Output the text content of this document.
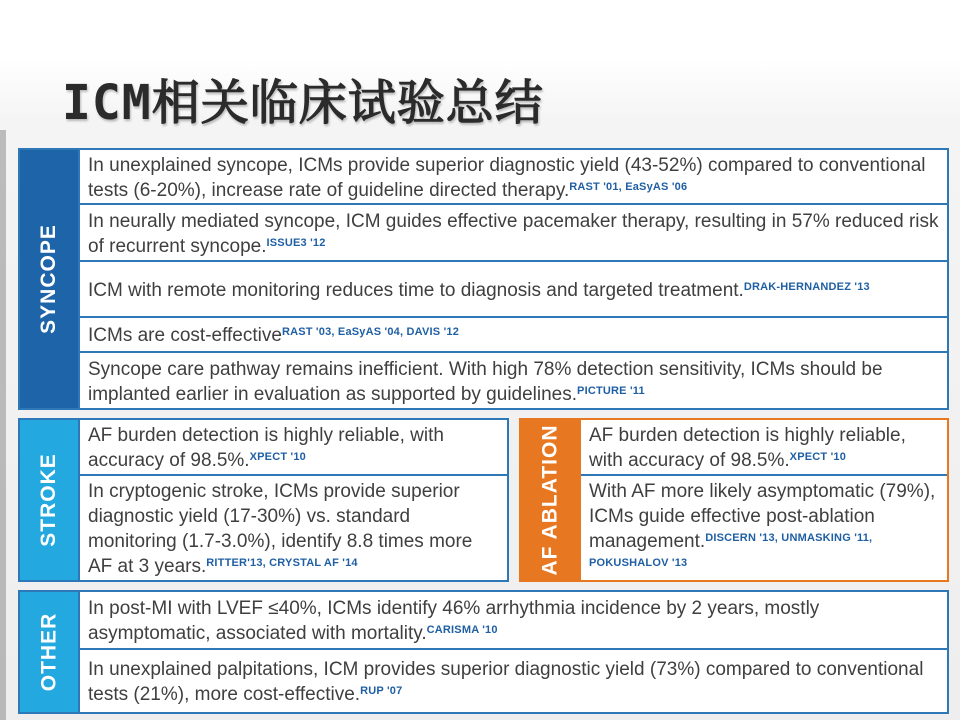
ICM相关临床试验总结
SYNCOPE

In unexplained syncope, ICMs provide superior diagnostic yield (43-52%) compared to conventional tests (6-20%), increase rate of guideline directed therapy.$^{RAST '01, EaSyAS '06}$

In neurally mediated syncope, ICM guides effective pacemaker therapy, resulting in 57% reduced risk of recurrent syncope.$^{ISSUE3 '12}$

ICM with remote monitoring reduces time to diagnosis and targeted treatment.$^{DRAK-HERNANDEZ '13}$

ICMs are cost-effective$^{RAST '03, EaSyAS '04, DAVIS '12}$

Syncope care pathway remains inefficient. With high 78% detection sensitivity, ICMs should be implanted earlier in evaluation as supported by guidelines.$^{PICTURE '11}$

STROKE

AF burden detection is highly reliable, with accuracy of 98.5%.$^{XPECT '10}$

In cryptogenic stroke, ICMs provide superior diagnostic yield (17-30%) vs. standard monitoring (1.7-3.0%), identify 8.8 times more AF at 3 years.$^{RITTER'13, CRYSTAL AF '14}$	AF ABLATION AF burden detection is highly reliable, with accuracy of 98.5%.$^{XPECT '10}$

With AF more likely asymptomatic (79%), ICMs guide effective post-ablation management.$^{DISCERN '13, UNMASKING '11, POKUSHALOV '13}$

OTHER

In post-MI with LVEF ≤40%, ICMs identify 46% arrhythmia incidence by 2 years, mostly asymptomatic, associated with mortality.$^{CARISMA '10}$

In unexplained palpitations, ICM provides superior diagnostic yield (73%) compared to conventional tests (21%), more cost-effective.$^{RUP '07}$
